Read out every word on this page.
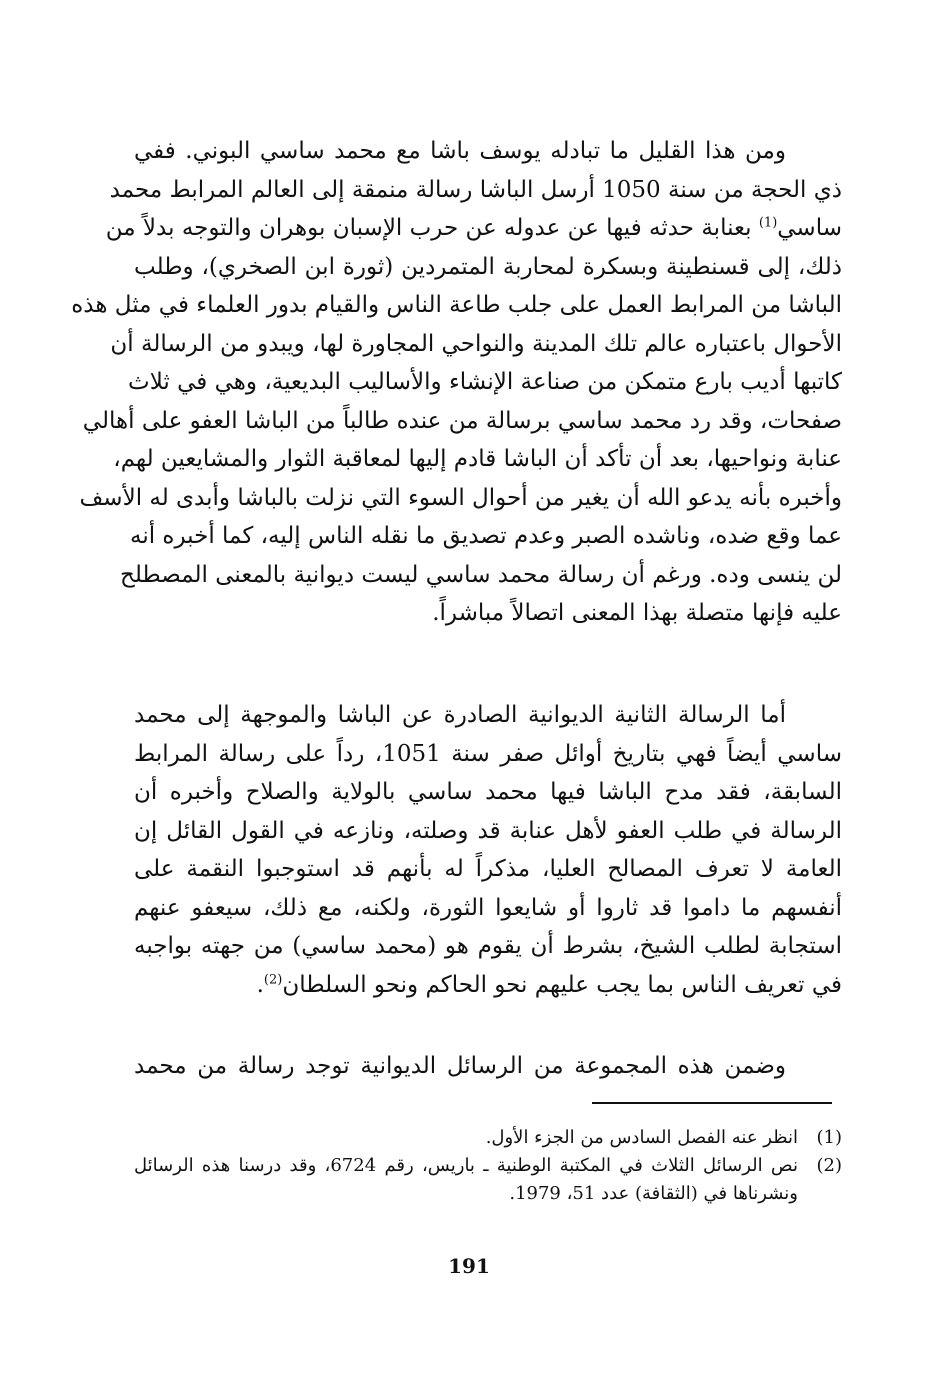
ومن هذا القليل ما تبادله يوسف باشا مع محمد ساسي البوني. ففي
ذي الحجة من سنة 1050 أرسل الباشا رسالة منمقة إلى العالم المرابط محمد
ساسي$^{(1)}$ بعنابة حدثه فيها عن عدوله عن حرب الإسبان بوهران والتوجه بدلاً من
ذلك، إلى قسنطينة وبسكرة لمحاربة المتمردين (ثورة ابن الصخري)، وطلب
الباشا من المرابط العمل على جلب طاعة الناس والقيام بدور العلماء في مثل هذه
الأحوال باعتباره عالم تلك المدينة والنواحي المجاورة لها، ويبدو من الرسالة أن
كاتبها أديب بارع متمكن من صناعة الإنشاء والأساليب البديعية، وهي في ثلاث
صفحات، وقد رد محمد ساسي برسالة من عنده طالباً من الباشا العفو على أهالي
عنابة ونواحيها، بعد أن تأكد أن الباشا قادم إليها لمعاقبة الثوار والمشايعين لهم،
وأخبره بأنه يدعو الله أن يغير من أحوال السوء التي نزلت بالباشا وأبدى له الأسف
عما وقع ضده، وناشده الصبر وعدم تصديق ما نقله الناس إليه، كما أخبره أنه
لن ينسى وده. ورغم أن رسالة محمد ساسي ليست ديوانية بالمعنى المصطلح
عليه فإنها متصلة بهذا المعنى اتصالاً مباشراً.
أما الرسالة الثانية الديوانية الصادرة عن الباشا والموجهة إلى محمد
ساسي أيضاً فهي بتاريخ أوائل صفر سنة 1051، رداً على رسالة المرابط
السابقة، فقد مدح الباشا فيها محمد ساسي بالولاية والصلاح وأخبره أن
الرسالة في طلب العفو لأهل عنابة قد وصلته، ونازعه في القول القائل إن
العامة لا تعرف المصالح العليا، مذكراً له بأنهم قد استوجبوا النقمة على
أنفسهم ما داموا قد ثاروا أو شايعوا الثورة، ولكنه، مع ذلك، سيعفو عنهم
استجابة لطلب الشيخ، بشرط أن يقوم هو (محمد ساسي) من جهته بواجبه
في تعريف الناس بما يجب عليهم نحو الحاكم ونحو السلطان$^{(2)}$.
وضمن هذه المجموعة من الرسائل الديوانية توجد رسالة من محمد
(1)
انظر عنه الفصل السادس من الجزء الأول.
(2)
نص الرسائل الثلاث في المكتبة الوطنية ـ باريس، رقم 6724، وقد درسنا هذه الرسائل ونشرناها في (الثقافة) عدد 51، 1979.
191
